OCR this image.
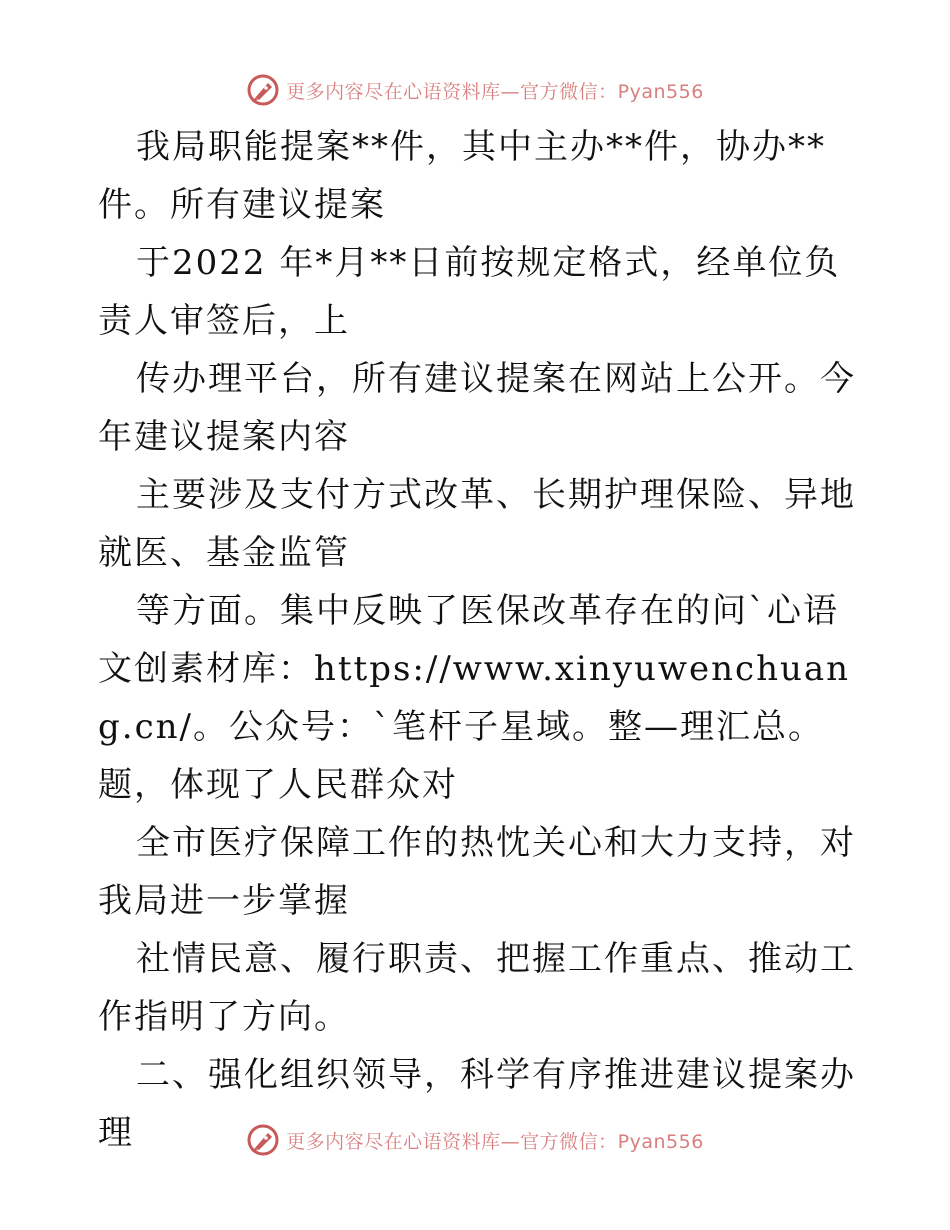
更多内容尽在心语资料库—官方微信：Pyan556

我局职能提案**件，其中主办**件，协办**件。所有建议提案

于2022 年*月**日前按规定格式，经单位负责人审签后，上

传办理平台，所有建议提案在网站上公开。今年建议提案内容

主要涉及支付方式改革、长期护理保险、异地就医、基金监管

等方面。集中反映了医保改革存在的问`心语文创素材库：https://www.xinyuwenchuang.cn/。公众号：`笔杆子星域。整—理汇总。题，体现了人民群众对

全市医疗保障工作的热忱关心和大力支持，对我局进一步掌握

社情民意、履行职责、把握工作重点、推动工作指明了方向。

二、强化组织领导，科学有序推进建议提案办理	更多内容尽在心语资料库—官方微信：Pyan556
